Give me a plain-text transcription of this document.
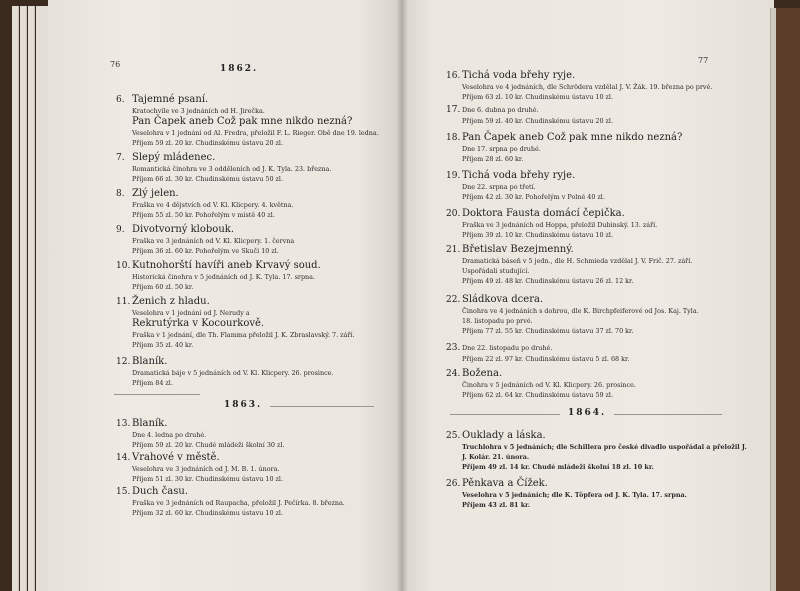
76	1862.
6. Tajemné psaní.
Kratochvíle ve 3 jednáních od H. Jirečka.
Pan Čapek aneb Což pak mne nikdo nezná?
Veselohra v 1 jednání od Al. Fredra, přeložil F. L. Rieger. Obě dne 19. ledna.
Příjem 59 zl. 20 kr. Chudinskému ústavu 20 zl.
7. Slepý mládenec.
Romantická činohra ve 3 odděleních od J. K. Tyla. 23. března.
Příjem 66 zl. 30 kr. Chudinskému ústavu 50 zl.
8. Zlý jelen.
Fraška ve 4 dějstvích od V. Kl. Klicpery. 4. května.
Příjem 55 zl. 50 kr. Pohořelým v místě 40 zl.
9. Divotvorný klobouk.
Fraška ve 3 jednáních od V. Kl. Klicpery. 1. června
Příjem 36 zl. 60 kr. Pohořelým ve Skuči 10 zl.
10. Kutnohorští havíři aneb Krvavý soud.
Historická činohra v 5 jednáních od J. K. Tyla. 17. srpna.
Příjem 60 zl. 50 kr.
11. Ženich z hladu.
Veselohra v 1 jednání od J. Nerudy a
Rekrutýrka v Kocourkově.
Fraška v 1 jednání, dle Th. Flamma přeložil J. K. Zbraslavský. 7. září.
Příjem 35 zl. 40 kr.
12. Blaník.
Dramatická báje v 5 jednáních od V. Kl. Klicpery. 26. prosince.
Příjem 84 zl.
1863.
13. Blaník.
Dne 4. ledna po druhé.
Příjem 59 zl. 20 kr. Chudé mládeži školní 30 zl.
14. Vrahové v městě.
Veselohra ve 3 jednáních od J. M. B. 1. února.
Příjem 51 zl. 30 kr. Chudinskému ústavu 10 zl.
15. Duch času.
Fraška ve 3 jednáních od Raupacha, přeložil J. Pečírka. 8. března.
Příjem 32 zl. 60 kr. Chudinskému ústavu 10 zl.
77
16. Tichá voda břehy ryje.
Veselohra ve 4 jednáních, dle Schrödera vzdělal J. V. Žák. 19. března po prvé.
Příjem 63 zl. 10 kr. Chudinskému ústavu 10 zl.
17. Dne 6. dubna po druhé.
Příjem 59 zl. 40 kr. Chudinskému ústavu 20 zl.
18. Pan Čapek aneb Což pak mne nikdo nezná?
Dne 17. srpna po druhé.
Příjem 28 zl. 60 kr.
19. Tichá voda břehy ryje.
Dne 22. srpna po třetí.
Příjem 42 zl. 30 kr. Pohořelým v Polné 40 zl.
20. Doktora Fausta domácí čepička.
Fraška ve 3 jednáních od Hoppa, přeložil Dubinský. 13. září.
Příjem 39 zl. 10 kr. Chudinskému ústavu 10 zl.
21. Břetislav Bezejmenný.
Dramatická báseň v 5 jedn., dle H. Schmieda vzdělal J. V. Frič. 27. září.
Uspořádali studující.
Příjem 49 zl. 48 kr. Chudinskému ústavu 26 zl. 12 kr.
22. Sládkova dcera.
Činohra ve 4 jednáních s dohrou, dle K. Birchpfeiferové od Jos. Kaj. Tyla.
18. listopadu po prvé.
Příjem 77 zl. 55 kr. Chudinskému ústavu 37 zl. 70 kr.
23. Dne 22. listopadu po druhé.
Příjem 22 zl. 97 kr. Chudinskému ústavu 5 zl. 68 kr.
24. Božena.
Činohra v 5 jednáních od V. Kl. Klicpery. 26. prosince.
Příjem 62 zl. 64 kr. Chudinskému ústavu 59 zl.
1864.
25. Ouklady a láska.
Truchlohra v 5 jednáních; dle Schillera pro české divadlo uspořádal a přeložil J. J. Kolár. 21. února.
Příjem 49 zl. 14 kr. Chudé mládeži školní 18 zl. 10 kr.
26. Pěnkava a Čížek.
Veselohra v 5 jednáních; dle K. Töpfera od J. K. Tyla. 17. srpna.
Příjem 43 zl. 81 kr.
